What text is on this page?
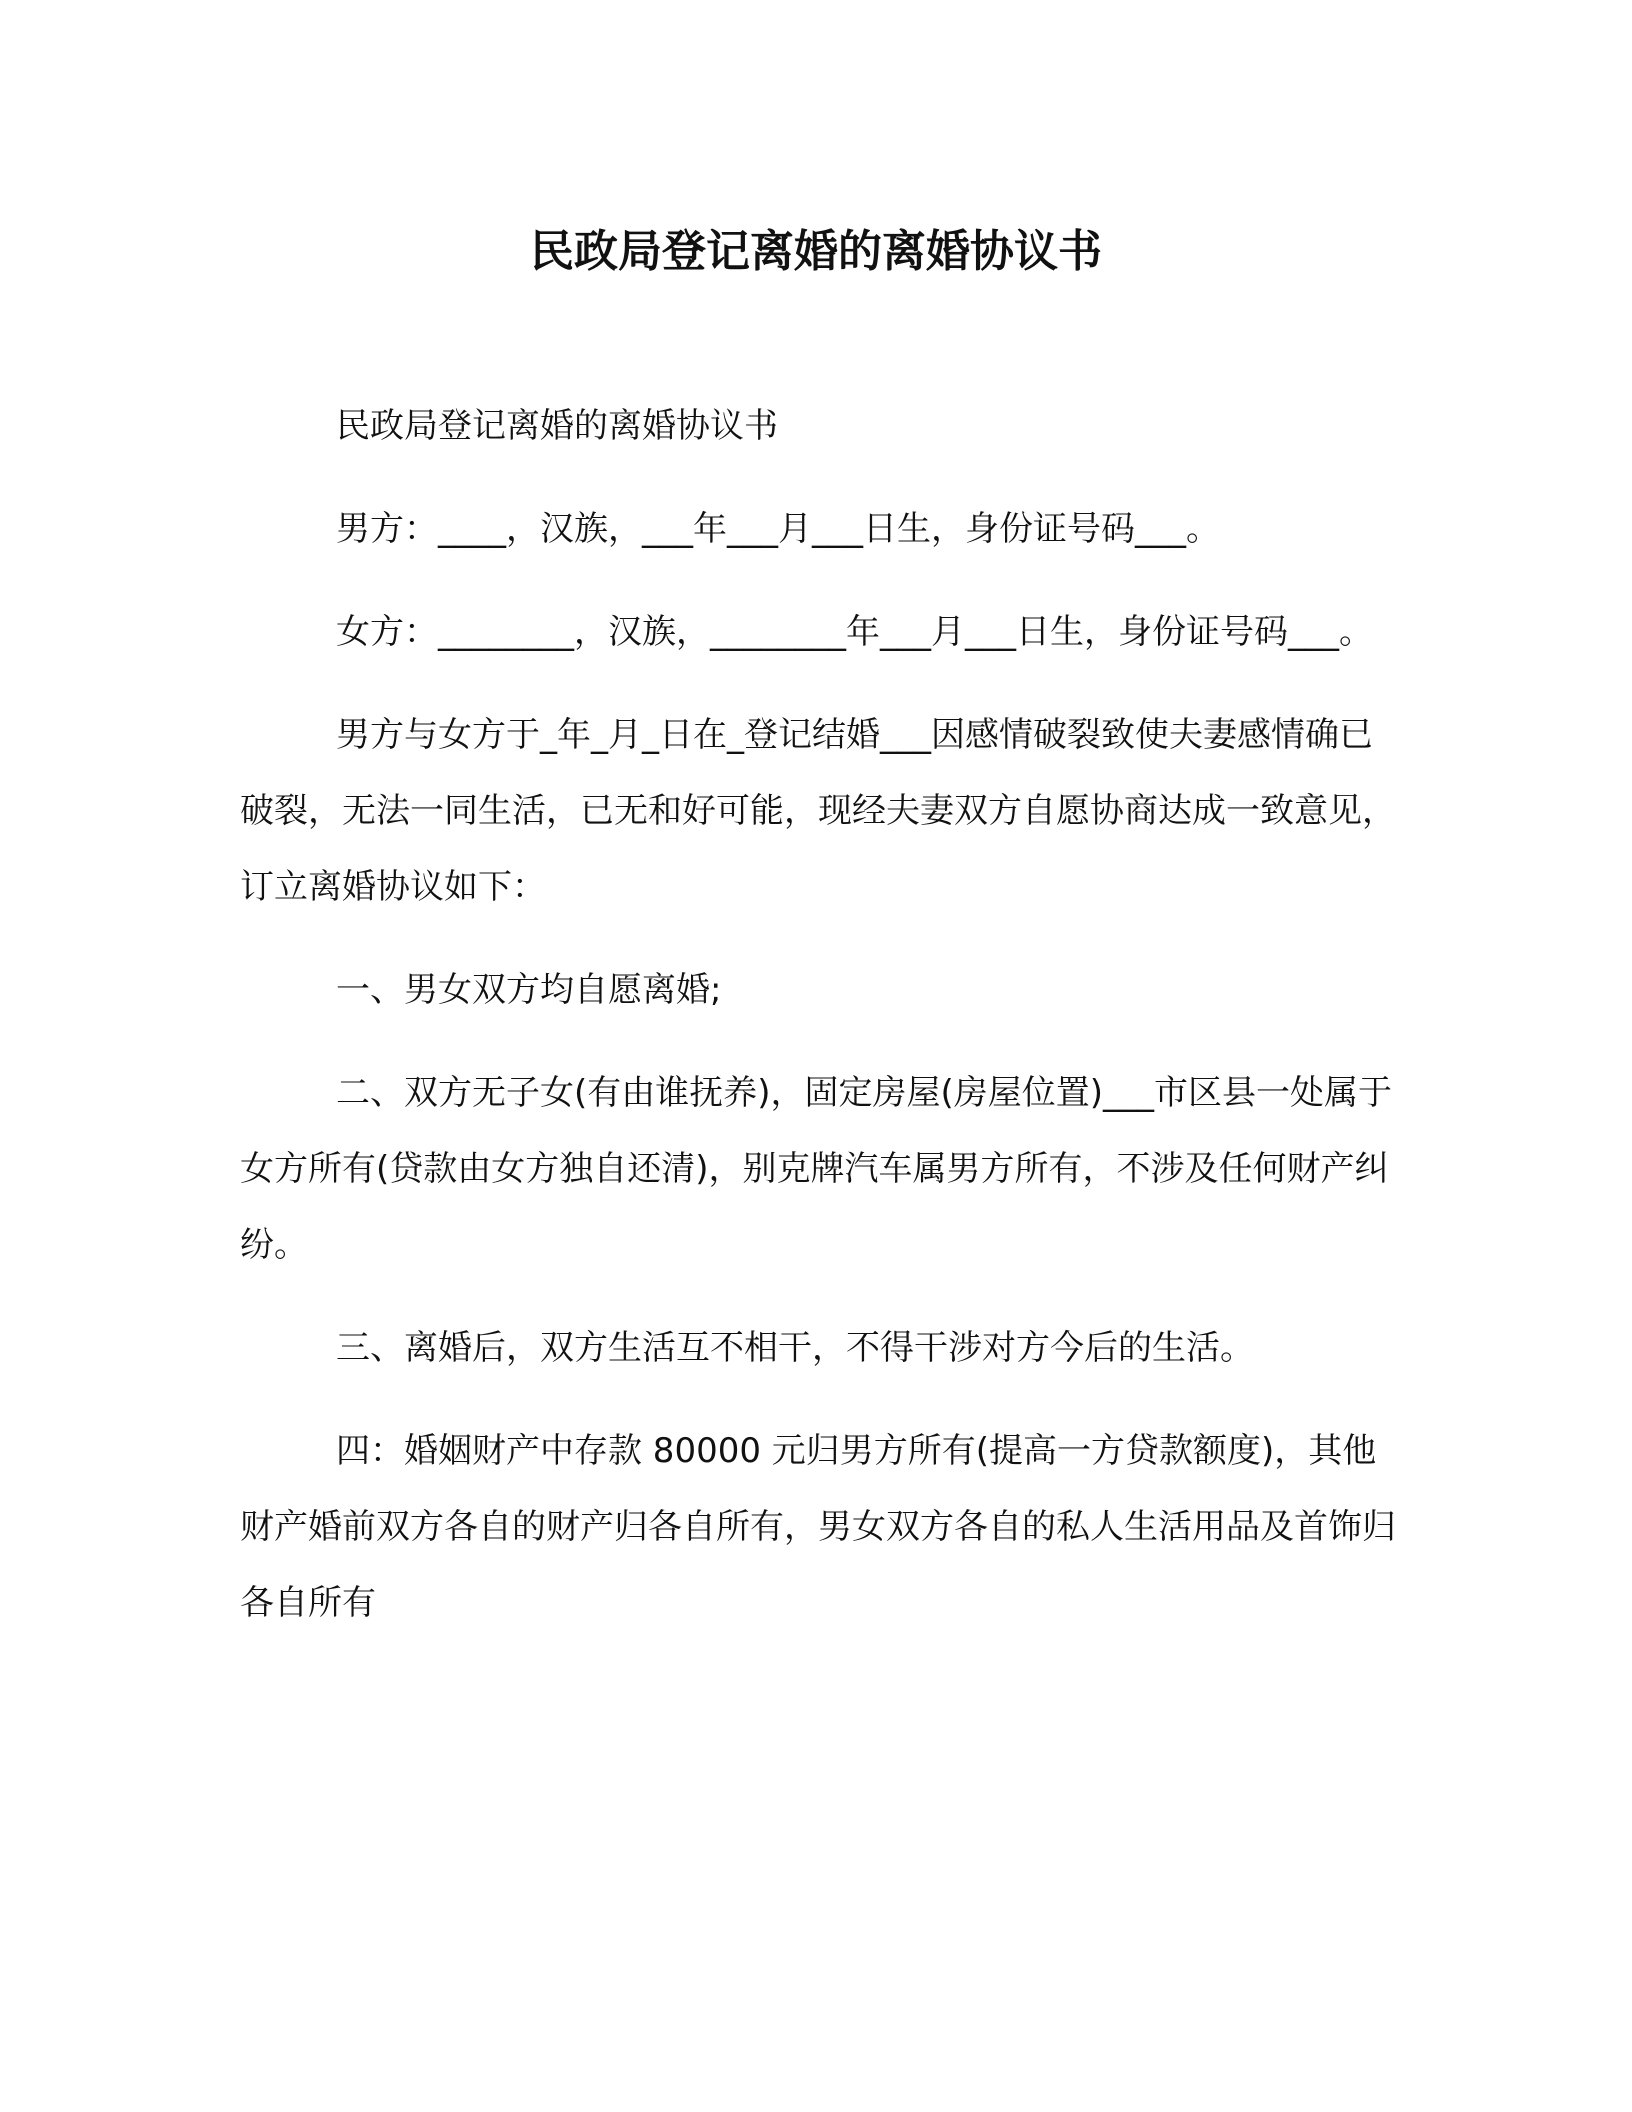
民政局登记离婚的离婚协议书

民政局登记离婚的离婚协议书

男方：____，汉族，___年___月___日生，身份证号码___。

女方：________，汉族，________年___月___日生，身份证号码___。

男方与女方于_年_月_日在_登记结婚___因感情破裂致使夫妻感情确已破裂，无法一同生活，已无和好可能，现经夫妻双方自愿协商达成一致意见，订立离婚协议如下：

一、男女双方均自愿离婚;

二、双方无子女(有由谁抚养)，固定房屋(房屋位置)___市区县一处属于女方所有(贷款由女方独自还清)，别克牌汽车属男方所有，不涉及任何财产纠纷。

三、离婚后，双方生活互不相干，不得干涉对方今后的生活。

四：婚姻财产中存款 80000 元归男方所有(提高一方贷款额度)，其他财产婚前双方各自的财产归各自所有，男女双方各自的私人生活用品及首饰归各自所有
